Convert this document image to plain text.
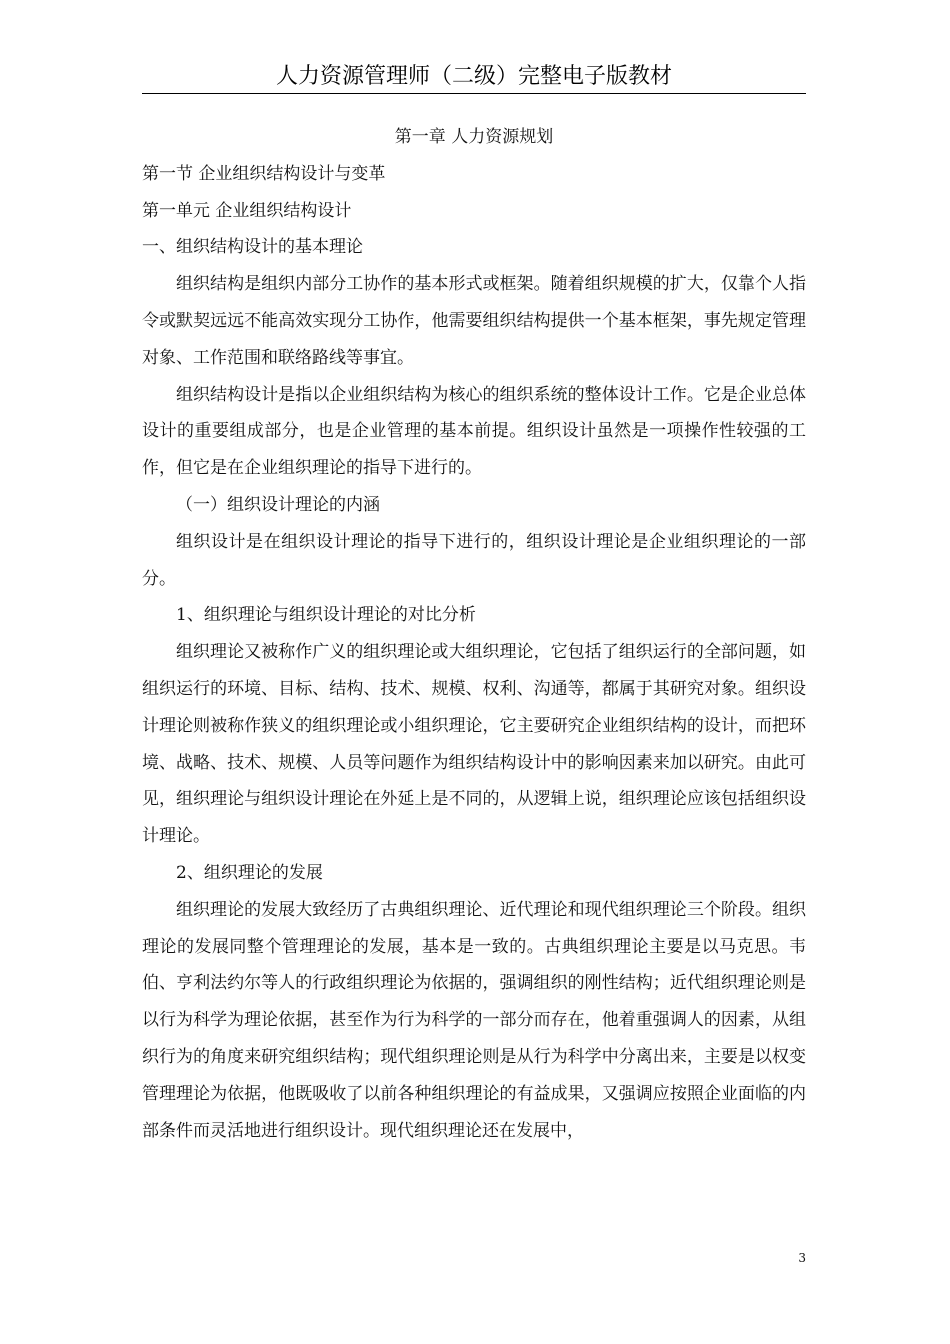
人力资源管理师（二级）完整电子版教材

第一章 人力资源规划

第一节 企业组织结构设计与变革

第一单元 企业组织结构设计

一、组织结构设计的基本理论

组织结构是组织内部分工协作的基本形式或框架。随着组织规模的扩大，仅靠个人指令或默契远远不能高效实现分工协作，他需要组织结构提供一个基本框架，事先规定管理对象、工作范围和联络路线等事宜。

组织结构设计是指以企业组织结构为核心的组织系统的整体设计工作。它是企业总体设计的重要组成部分，也是企业管理的基本前提。组织设计虽然是一项操作性较强的工作，但它是在企业组织理论的指导下进行的。

（一）组织设计理论的内涵

组织设计是在组织设计理论的指导下进行的，组织设计理论是企业组织理论的一部分。

1、组织理论与组织设计理论的对比分析

组织理论又被称作广义的组织理论或大组织理论，它包括了组织运行的全部问题，如组织运行的环境、目标、结构、技术、规模、权利、沟通等，都属于其研究对象。组织设计理论则被称作狭义的组织理论或小组织理论，它主要研究企业组织结构的设计，而把环境、战略、技术、规模、人员等问题作为组织结构设计中的影响因素来加以研究。由此可见，组织理论与组织设计理论在外延上是不同的，从逻辑上说，组织理论应该包括组织设计理论。

2、组织理论的发展

组织理论的发展大致经历了古典组织理论、近代理论和现代组织理论三个阶段。组织理论的发展同整个管理理论的发展，基本是一致的。古典组织理论主要是以马克思。韦伯、亨利法约尔等人的行政组织理论为依据的，强调组织的刚性结构；近代组织理论则是以行为科学为理论依据，甚至作为行为科学的一部分而存在，他着重强调人的因素，从组织行为的角度来研究组织结构；现代组织理论则是从行为科学中分离出来，主要是以权变管理理论为依据，他既吸收了以前各种组织理论的有益成果，又强调应按照企业面临的内部条件而灵活地进行组织设计。现代组织理论还在发展中，

3
